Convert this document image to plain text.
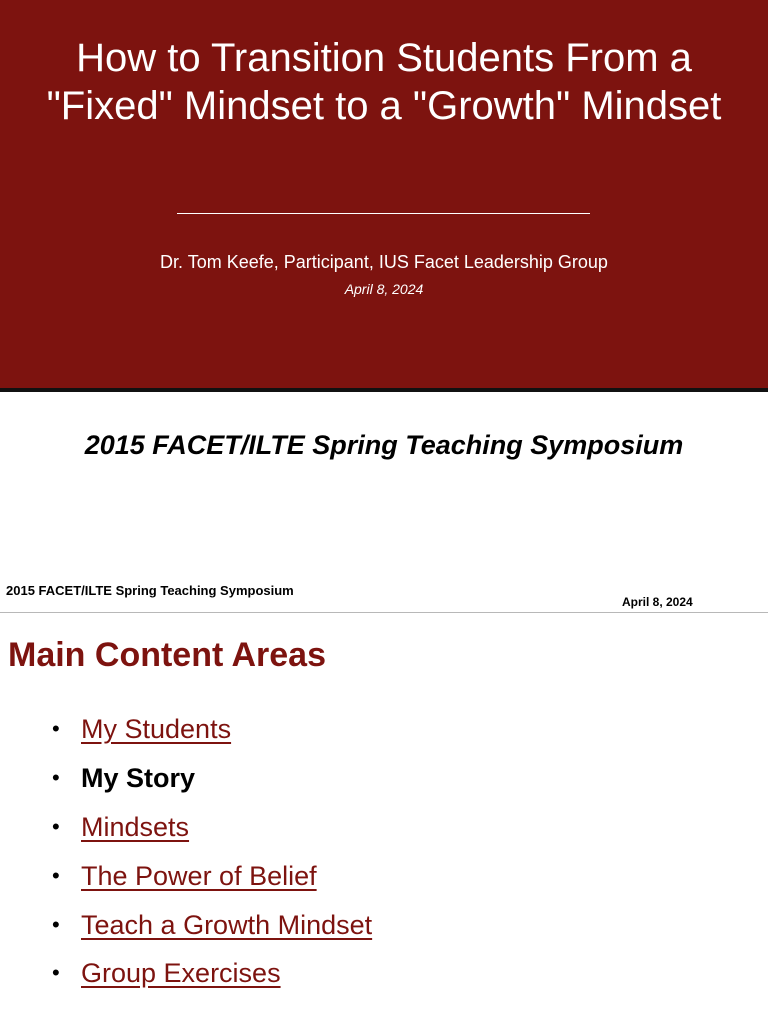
How to Transition Students From a "Fixed" Mindset to a "Growth" Mindset
Dr. Tom Keefe, Participant, IUS Facet Leadership Group
April 8, 2024
2015 FACET/ILTE Spring Teaching Symposium
2015 FACET/ILTE Spring Teaching Symposium
April 8, 2024
Main Content Areas
• My Students
• My Story
• Mindsets
• The Power of Belief
• Teach a Growth Mindset
• Group Exercises
